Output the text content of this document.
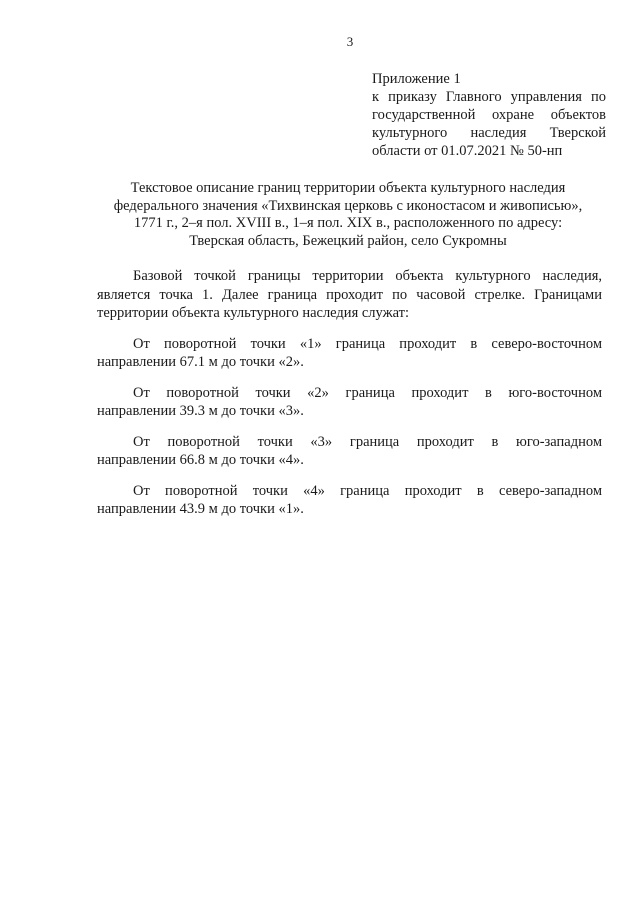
3
Приложение 1
к приказу Главного управления по
государственной охране объектов
культурного наследия Тверской
области от 01.07.2021 № 50-нп
Текстовое описание границ территории объекта культурного наследия
федерального значения «Тихвинская церковь с иконостасом и живописью»,
1771 г., 2–я пол. XVIII в., 1–я пол. XIX в., расположенного по адресу:
Тверская область, Бежецкий район, село Сукромны

Базовой точкой границы территории объекта культурного наследия,
является точка 1. Далее граница проходит по часовой стрелке. Границами
территории объекта культурного наследия служат:

От поворотной точки «1» граница проходит в северо-восточном
направлении 67.1 м до точки «2».

От поворотной точки «2» граница проходит в юго-восточном
направлении 39.3 м до точки «3».

От поворотной точки «3» граница проходит в юго-западном
направлении 66.8 м до точки «4».

От поворотной точки «4» граница проходит в северо-западном
направлении 43.9 м до точки «1».
